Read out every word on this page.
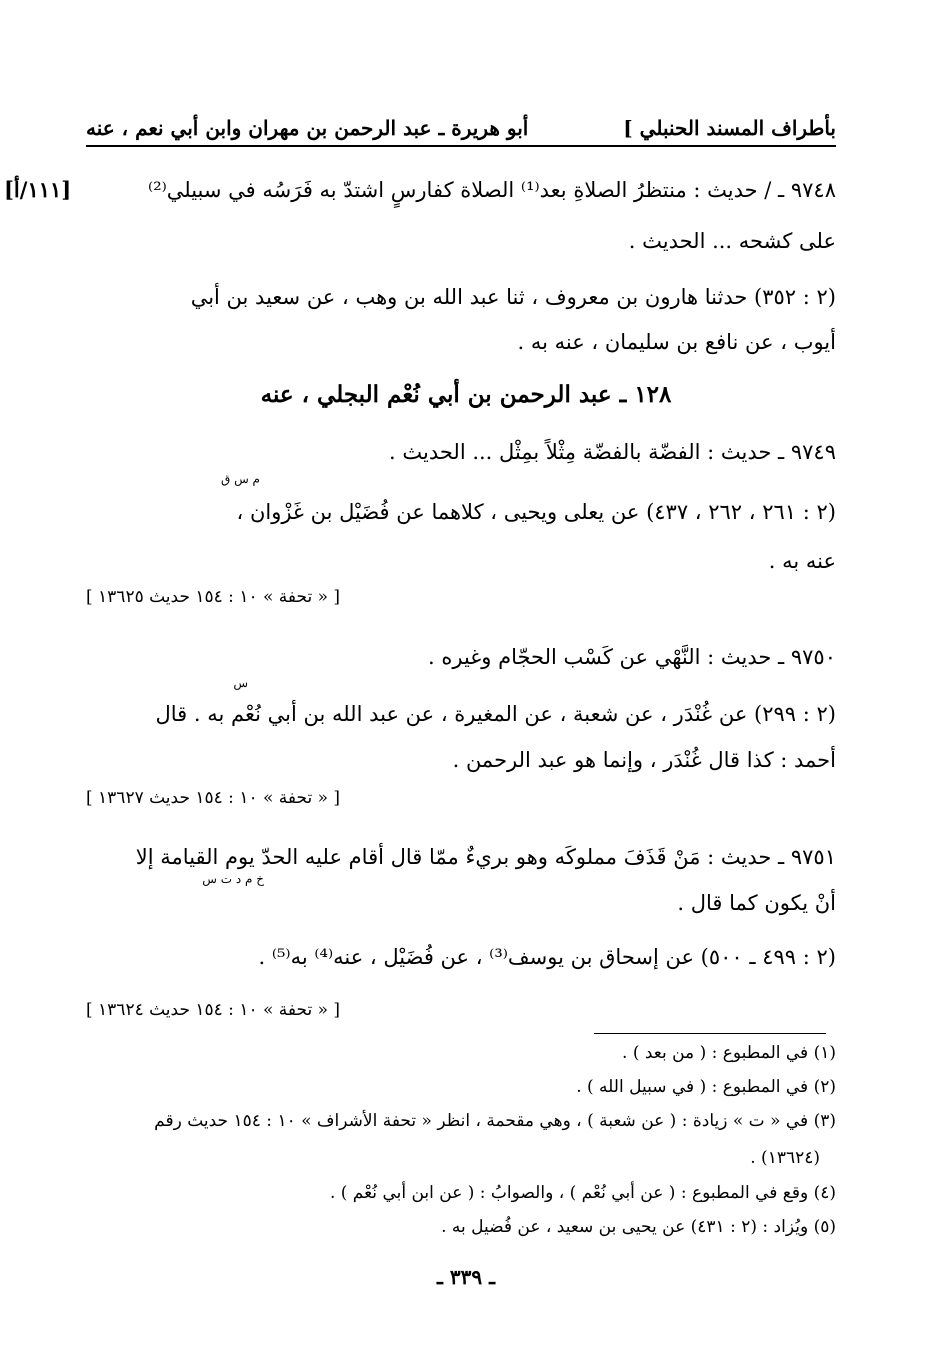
بأطراف المسند الحنبلي ]
أبو هريرة ـ عبد الرحمن بن مهران وابن أبي نعم ، عنه
[١١١/أ]	٩٧٤٨ ـ / حديث : منتظرُ الصلاةِ بعد⁽¹⁾ الصلاة كفارسٍ اشتدّ به فَرَسُه في سبيلي⁽²⁾
على كشحه ... الحديث .
(٢ : ٣٥٢) حدثنا هارون بن معروف ، ثنا عبد الله بن وهب ، عن سعيد بن أبي
أيوب ، عن نافع بن سليمان ، عنه به .
١٢٨ ـ عبد الرحمن بن أبي نُعْم البجلي ، عنه
٩٧٤٩ ـ حديث : الفضّة بالفضّة مِثْلاً بمِثْل ... الحديث .
م س ق
(٢ : ٢٦١ ، ٢٦٢ ، ٤٣٧) عن يعلى ويحيى ، كلاهما عن فُضَيْل بن غَزْوان ،
عنه به .
[ « تحفة » ١٠ : ١٥٤ حديث ١٣٦٢٥ ]
٩٧٥٠ ـ حديث : النَّهْي عن كَسْب الحجّام وغيره .
س
(٢ : ٢٩٩) عن غُنْدَر ، عن شعبة ، عن المغيرة ، عن عبد الله بن أبي نُعْم به . قال
أحمد : كذا قال غُنْدَر ، وإنما هو عبد الرحمن .
[ « تحفة » ١٠ : ١٥٤ حديث ١٣٦٢٧ ]
٩٧٥١ ـ حديث : مَنْ قَذَفَ مملوكَه وهو بريءٌ ممّا قال أقام عليه الحدّ يوم القيامة إلا
خ م د ت س
أنْ يكون كما قال .
(٢ : ٤٩٩ ـ ٥٠٠) عن إسحاق بن يوسف⁽³⁾ ، عن فُضَيْل ، عنه⁽⁴⁾ به⁽⁵⁾ .
[ « تحفة » ١٠ : ١٥٤ حديث ١٣٦٢٤ ]
(١) في المطبوع : ( من بعد ) .
(٢) في المطبوع : ( في سبيل الله ) .
(٣) في « ت » زيادة : ( عن شعبة ) ، وهي مقحمة ، انظر « تحفة الأشراف » ١٠ : ١٥٤ حديث رقم
(١٣٦٢٤) .
(٤) وقع في المطبوع : ( عن أبي نُعْم ) ، والصوابُ : ( عن ابن أبي نُعْم ) .
(٥) ويُزاد : (٢ : ٤٣١) عن يحيى بن سعيد ، عن فُضيل به .
ـ ٣٣٩ ـ
